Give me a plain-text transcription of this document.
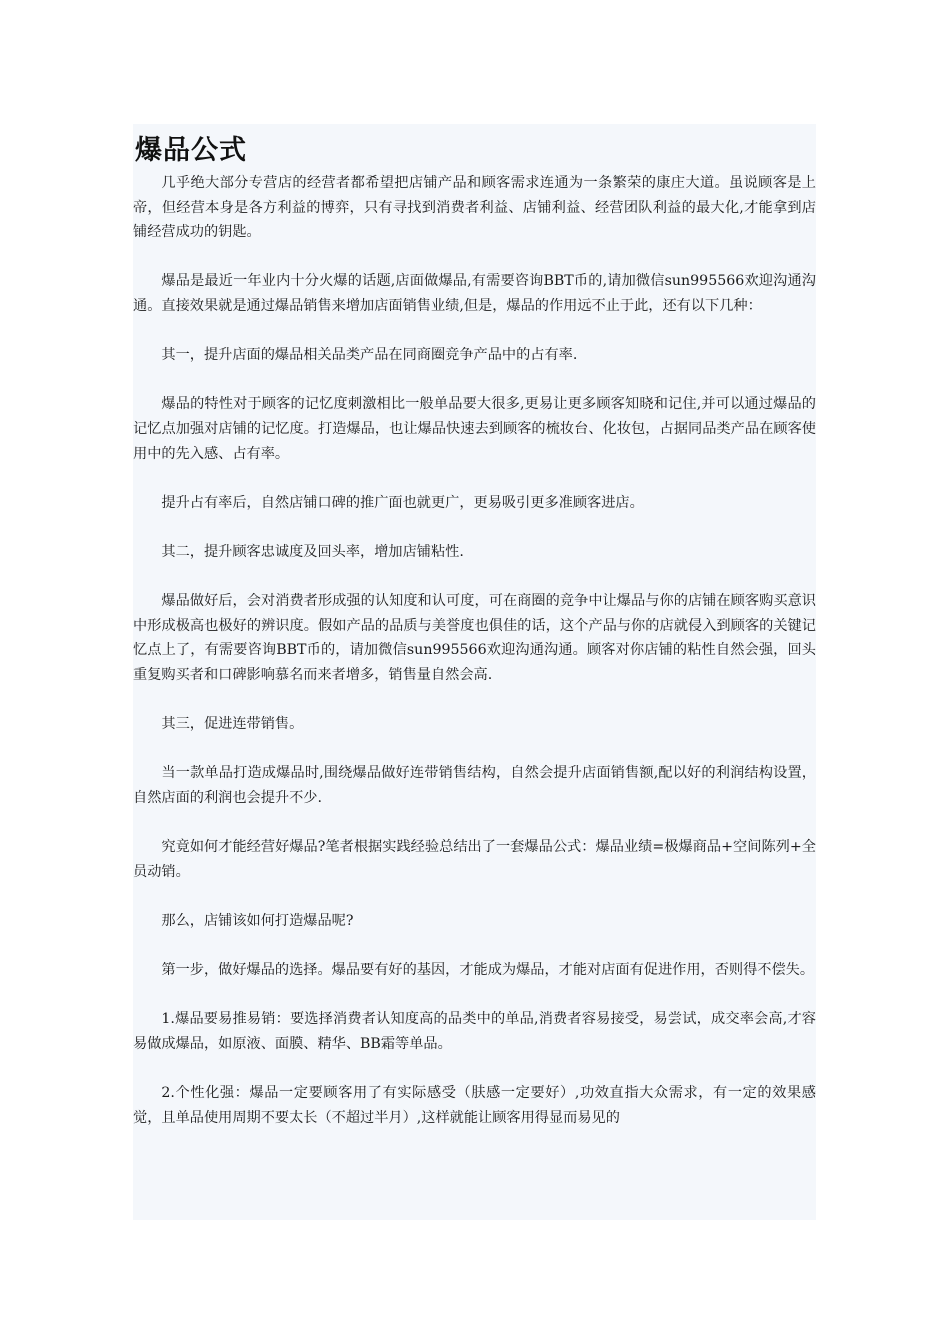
爆品公式

几乎绝大部分专营店的经营者都希望把店铺产品和顾客需求连通为一条繁荣的康庄大道。虽说顾客是上帝，但经营本身是各方利益的博弈，只有寻找到消费者利益、店铺利益、经营团队利益的最大化,才能拿到店铺经营成功的钥匙。

爆品是最近一年业内十分火爆的话题,店面做爆品,有需要咨询BBT币的,请加微信sun995566欢迎沟通沟通。直接效果就是通过爆品销售来增加店面销售业绩,但是，爆品的作用远不止于此，还有以下几种：

其一，提升店面的爆品相关品类产品在同商圈竞争产品中的占有率.

爆品的特性对于顾客的记忆度刺激相比一般单品要大很多,更易让更多顾客知晓和记住,并可以通过爆品的记忆点加强对店铺的记忆度。打造爆品，也让爆品快速去到顾客的梳妆台、化妆包，占据同品类产品在顾客使用中的先入感、占有率。

提升占有率后，自然店铺口碑的推广面也就更广，更易吸引更多准顾客进店。

其二，提升顾客忠诚度及回头率，增加店铺粘性.

爆品做好后，会对消费者形成强的认知度和认可度，可在商圈的竞争中让爆品与你的店铺在顾客购买意识中形成极高也极好的辨识度。假如产品的品质与美誉度也俱佳的话，这个产品与你的店就侵入到顾客的关键记忆点上了，有需要咨询BBT币的，请加微信sun995566欢迎沟通沟通。顾客对你店铺的粘性自然会强，回头重复购买者和口碑影响慕名而来者增多，销售量自然会高.

其三，促进连带销售。

当一款单品打造成爆品时,围绕爆品做好连带销售结构，自然会提升店面销售额,配以好的利润结构设置，自然店面的利润也会提升不少.

究竟如何才能经营好爆品?笔者根据实践经验总结出了一套爆品公式：爆品业绩=极爆商品+空间陈列+全员动销。

那么，店铺该如何打造爆品呢?

第一步，做好爆品的选择。爆品要有好的基因，才能成为爆品，才能对店面有促进作用，否则得不偿失。

1.爆品要易推易销：要选择消费者认知度高的品类中的单品,消费者容易接受，易尝试，成交率会高,才容易做成爆品，如原液、面膜、精华、BB霜等单品。

2.个性化强：爆品一定要顾客用了有实际感受（肤感一定要好）,功效直指大众需求，有一定的效果感觉，且单品使用周期不要太长（不超过半月）,这样就能让顾客用得显而易见的
